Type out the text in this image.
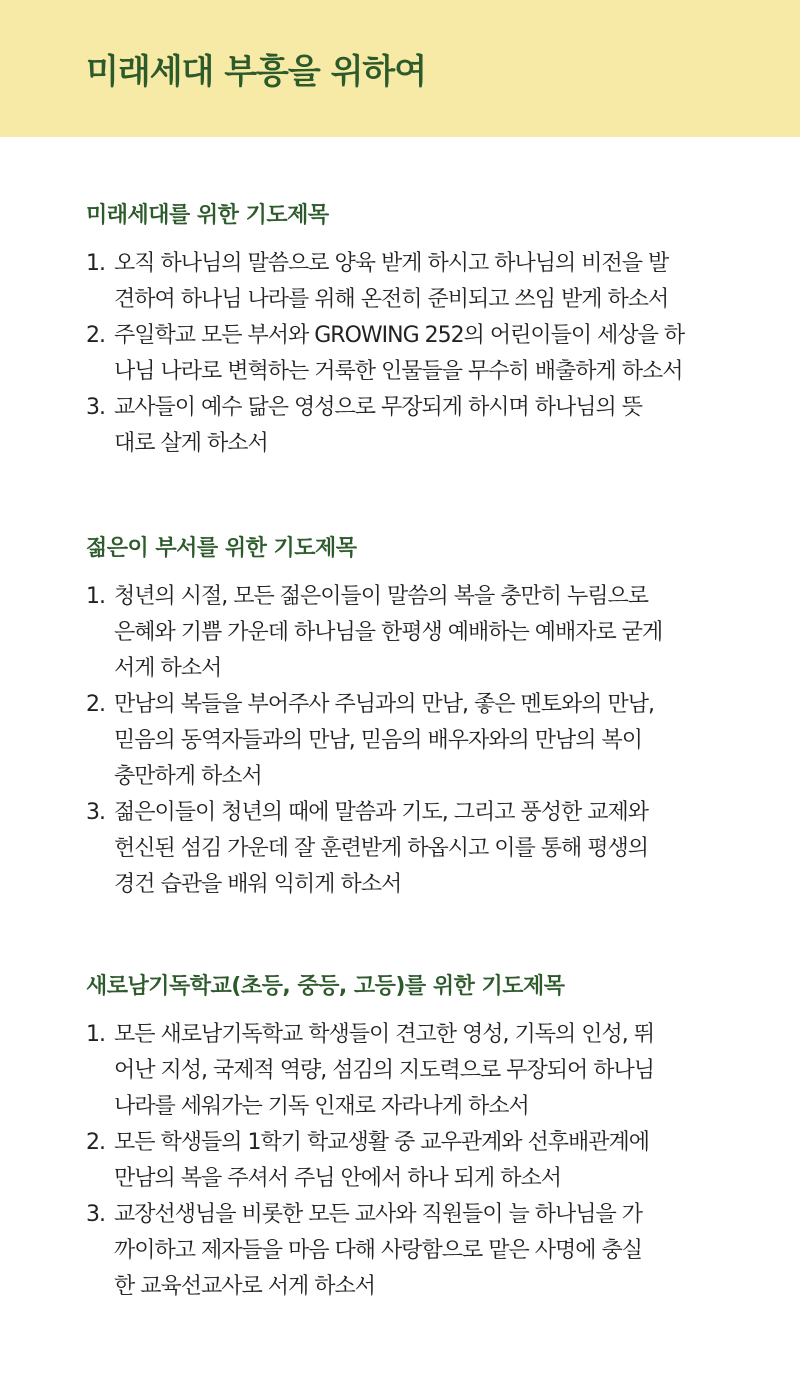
미래세대 부흥을 위하여
미래세대를 위한 기도제목
1. 오직 하나님의 말씀으로 양육 받게 하시고 하나님의 비전을 발
견하여 하나님 나라를 위해 온전히 준비되고 쓰임 받게 하소서
2. 주일학교 모든 부서와 GROWING 252의 어린이들이 세상을 하
나님 나라로 변혁하는 거룩한 인물들을 무수히 배출하게 하소서
3. 교사들이 예수 닮은 영성으로 무장되게 하시며 하나님의 뜻
대로 살게 하소서
젊은이 부서를 위한 기도제목
1. 청년의 시절, 모든 젊은이들이 말씀의 복을 충만히 누림으로
은혜와 기쁨 가운데 하나님을 한평생 예배하는 예배자로 굳게
서게 하소서
2. 만남의 복들을 부어주사 주님과의 만남, 좋은 멘토와의 만남,
믿음의 동역자들과의 만남, 믿음의 배우자와의 만남의 복이
충만하게 하소서
3. 젊은이들이 청년의 때에 말씀과 기도, 그리고 풍성한 교제와
헌신된 섬김 가운데 잘 훈련받게 하옵시고 이를 통해 평생의
경건 습관을 배워 익히게 하소서
새로남기독학교(초등, 중등, 고등)를 위한 기도제목
1. 모든 새로남기독학교 학생들이 견고한 영성, 기독의 인성, 뛰
어난 지성, 국제적 역량, 섬김의 지도력으로 무장되어 하나님
나라를 세워가는 기독 인재로 자라나게 하소서
2. 모든 학생들의 1학기 학교생활 중 교우관계와 선후배관계에
만남의 복을 주셔서 주님 안에서 하나 되게 하소서
3. 교장선생님을 비롯한 모든 교사와 직원들이 늘 하나님을 가
까이하고 제자들을 마음 다해 사랑함으로 맡은 사명에 충실
한 교육선교사로 서게 하소서
